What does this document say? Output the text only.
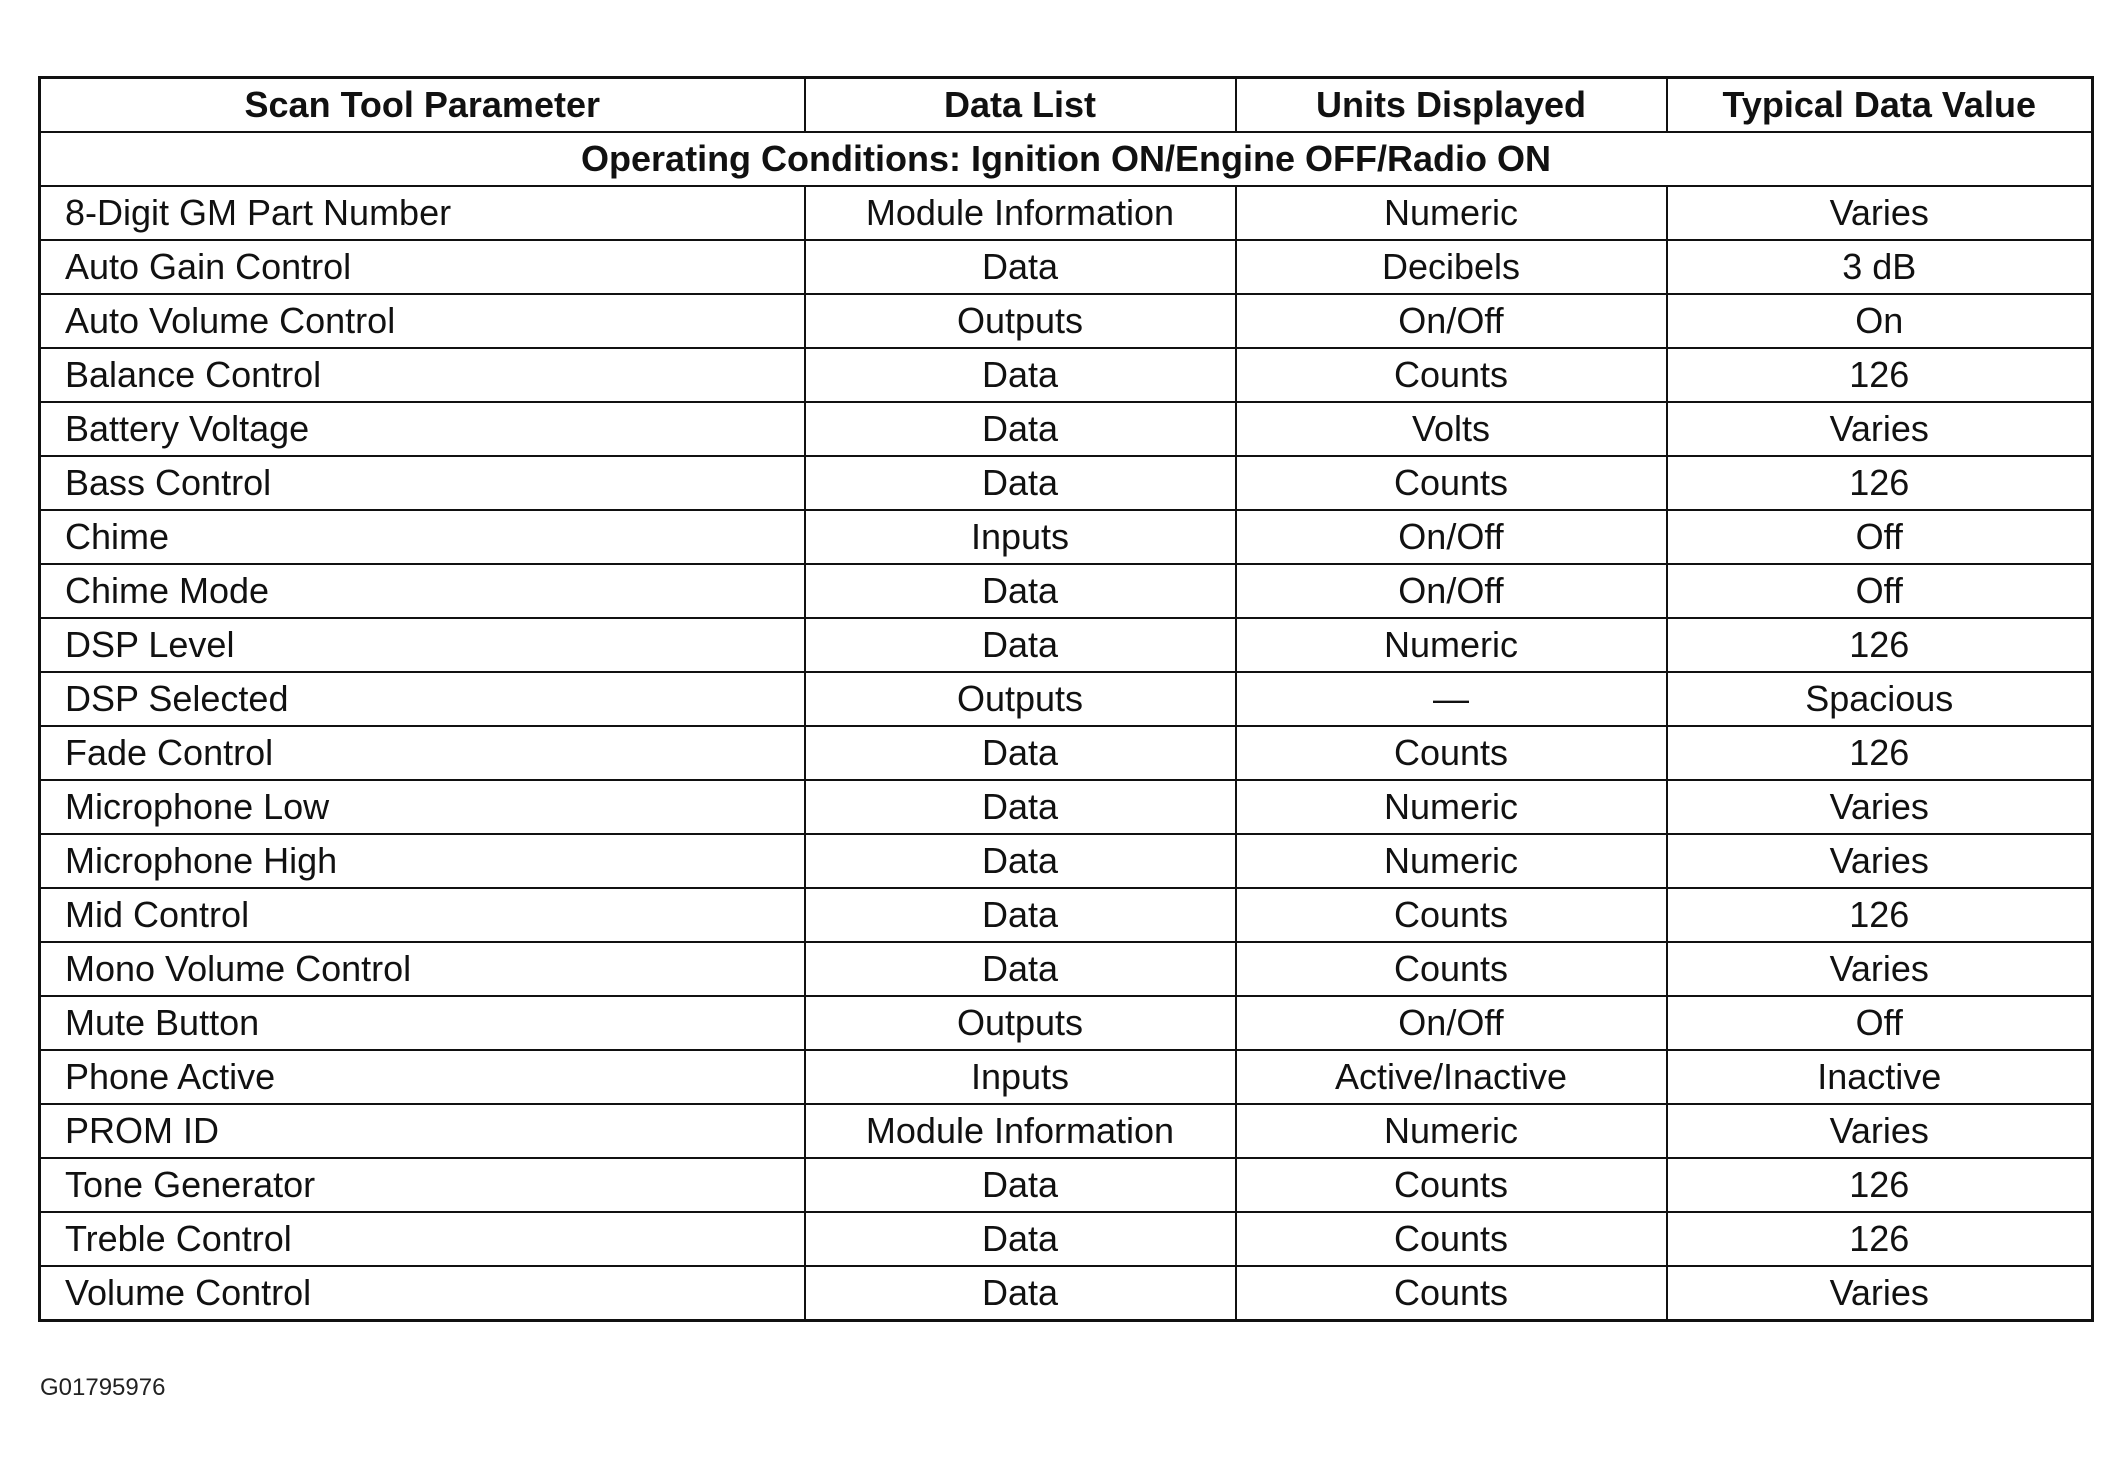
Scan Tool Parameter	Data List	Units Displayed	Typical Data Value
Operating Conditions: Ignition ON/Engine OFF/Radio ON			
8-Digit GM Part Number	Module Information	Numeric	Varies
Auto Gain Control	Data	Decibels	3 dB
Auto Volume Control	Outputs	On/Off	On
Balance Control	Data	Counts	126
Battery Voltage	Data	Volts	Varies
Bass Control	Data	Counts	126
Chime	Inputs	On/Off	Off
Chime Mode	Data	On/Off	Off
DSP Level	Data	Numeric	126
DSP Selected	Outputs	—	Spacious
Fade Control	Data	Counts	126
Microphone Low	Data	Numeric	Varies
Microphone High	Data	Numeric	Varies
Mid Control	Data	Counts	126
Mono Volume Control	Data	Counts	Varies
Mute Button	Outputs	On/Off	Off
Phone Active	Inputs	Active/Inactive	Inactive
PROM ID	Module Information	Numeric	Varies
Tone Generator	Data	Counts	126
Treble Control	Data	Counts	126
Volume Control	Data	Counts	Varies
G01795976
